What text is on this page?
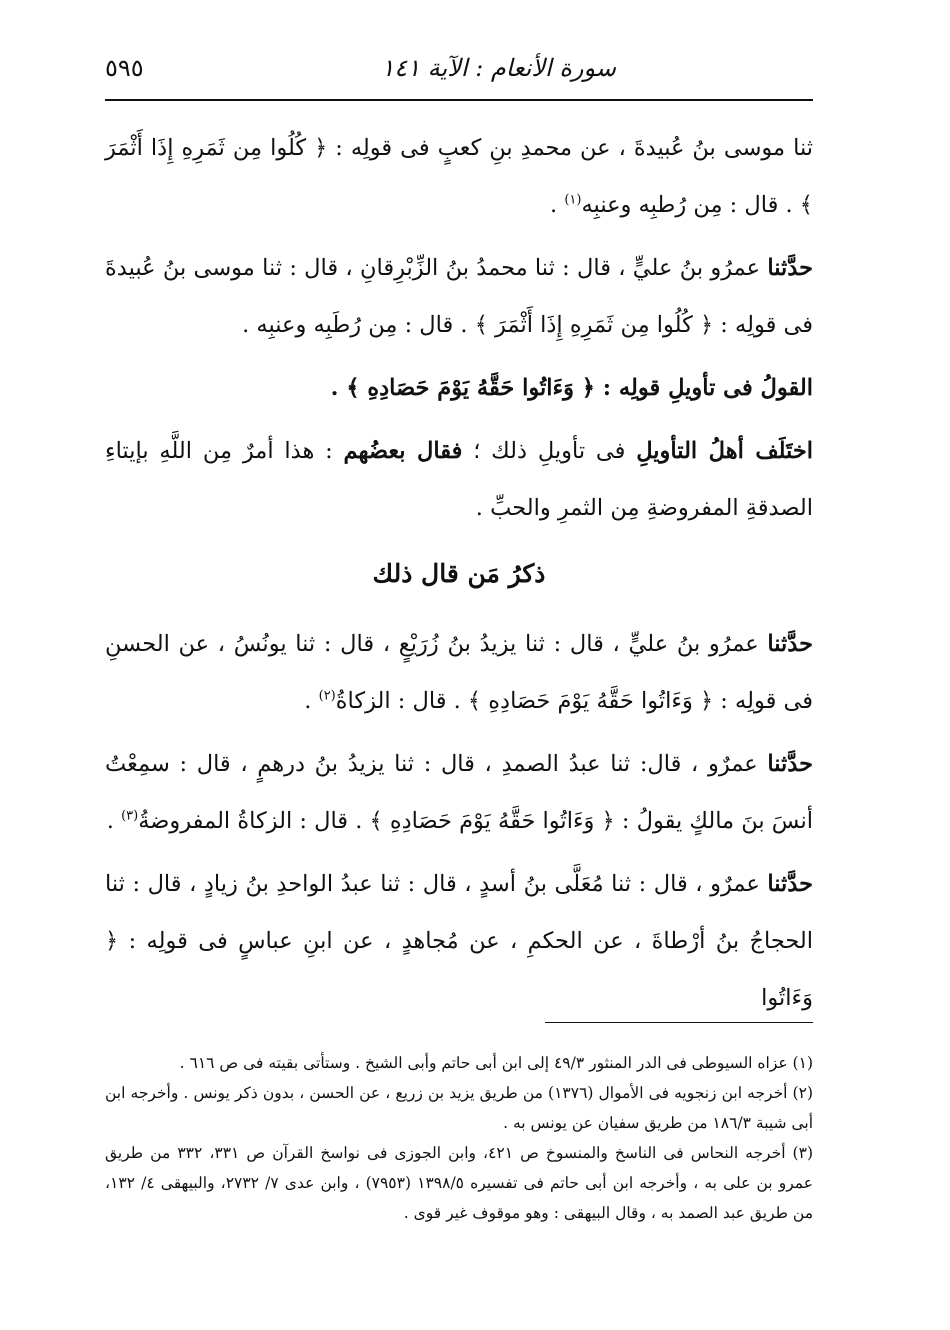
سورة الأنعام : الآية ١٤١
٥٩٥

ثنا موسى بنُ عُبيدةَ ، عن محمدِ بنِ كعبٍ فى قولِه : ﴿ كُلُوا مِن ثَمَرِهِ إِذَا أَثْمَرَ ﴾ . قال : مِن رُطبِه وعنبِه$^{(١)}$ .

حدَّثنا عمرُو بنُ عليٍّ ، قال : ثنا محمدُ بنُ الزِّبْرِقانِ ، قال : ثنا موسى بنُ عُبيدةَ فى قولِه : ﴿ كُلُوا مِن ثَمَرِهِ إِذَا أَثْمَرَ ﴾ . قال : مِن رُطَبِه وعنبِه .

القولُ فى تأويلِ قولِه : ﴿ وَءَاتُوا حَقَّهُ يَوْمَ حَصَادِهِ ﴾ .

اختَلَف أهلُ التأويلِ فى تأويلِ ذلك ؛ فقال بعضُهم : هذا أمرٌ مِن اللَّهِ بإيتاءِ الصدقةِ المفروضةِ مِن الثمرِ والحبِّ .

ذكرُ مَن قال ذلك

حدَّثنا عمرُو بنُ عليٍّ ، قال : ثنا يزيدُ بنُ زُرَيْعٍ ، قال : ثنا يونُسُ ، عن الحسنِ فى قولِه : ﴿ وَءَاتُوا حَقَّهُ يَوْمَ حَصَادِهِ ﴾ . قال : الزكاةُ$^{(٢)}$ .

حدَّثنا عمرٌو ، قال: ثنا عبدُ الصمدِ ، قال : ثنا يزيدُ بنُ درهمٍ ، قال : سمِعْتُ أنسَ بنَ مالكٍ يقولُ : ﴿ وَءَاتُوا حَقَّهُ يَوْمَ حَصَادِهِ ﴾ . قال : الزكاةُ المفروضةُ$^{(٣)}$ .

حدَّثنا عمرٌو ، قال : ثنا مُعَلَّى بنُ أسدٍ ، قال : ثنا عبدُ الواحدِ بنُ زيادٍ ، قال : ثنا الحجاجُ بنُ أرْطاةَ ، عن الحكمِ ، عن مُجاهدٍ ، عن ابنِ عباسٍ فى قولِه : ﴿ وَءَاتُوا

(١) عزاه السيوطى فى الدر المنثور ٤٩/٣ إلى ابن أبى حاتم وأبى الشيخ . وستأتى بقيته فى ص ٦١٦ .

(٢) أخرجه ابن زنجويه فى الأموال (١٣٧٦) من طريق يزيد بن زريع ، عن الحسن ، بدون ذكر يونس . وأخرجه ابن أبى شيبة ١٨٦/٣ من طريق سفيان عن يونس به .

(٣) أخرجه النحاس فى الناسخ والمنسوخ ص ٤٢١، وابن الجوزى فى نواسخ القرآن ص ٣٣١، ٣٣٢ من طريق عمرو بن على به ، وأخرجه ابن أبى حاتم فى تفسيره ١٣٩٨/٥ (٧٩٥٣) ، وابن عدى ٧/ ٢٧٣٢، والبيهقى ٤/ ١٣٢، من طريق عبد الصمد به ، وقال البيهقى : وهو موقوف غير قوى .
